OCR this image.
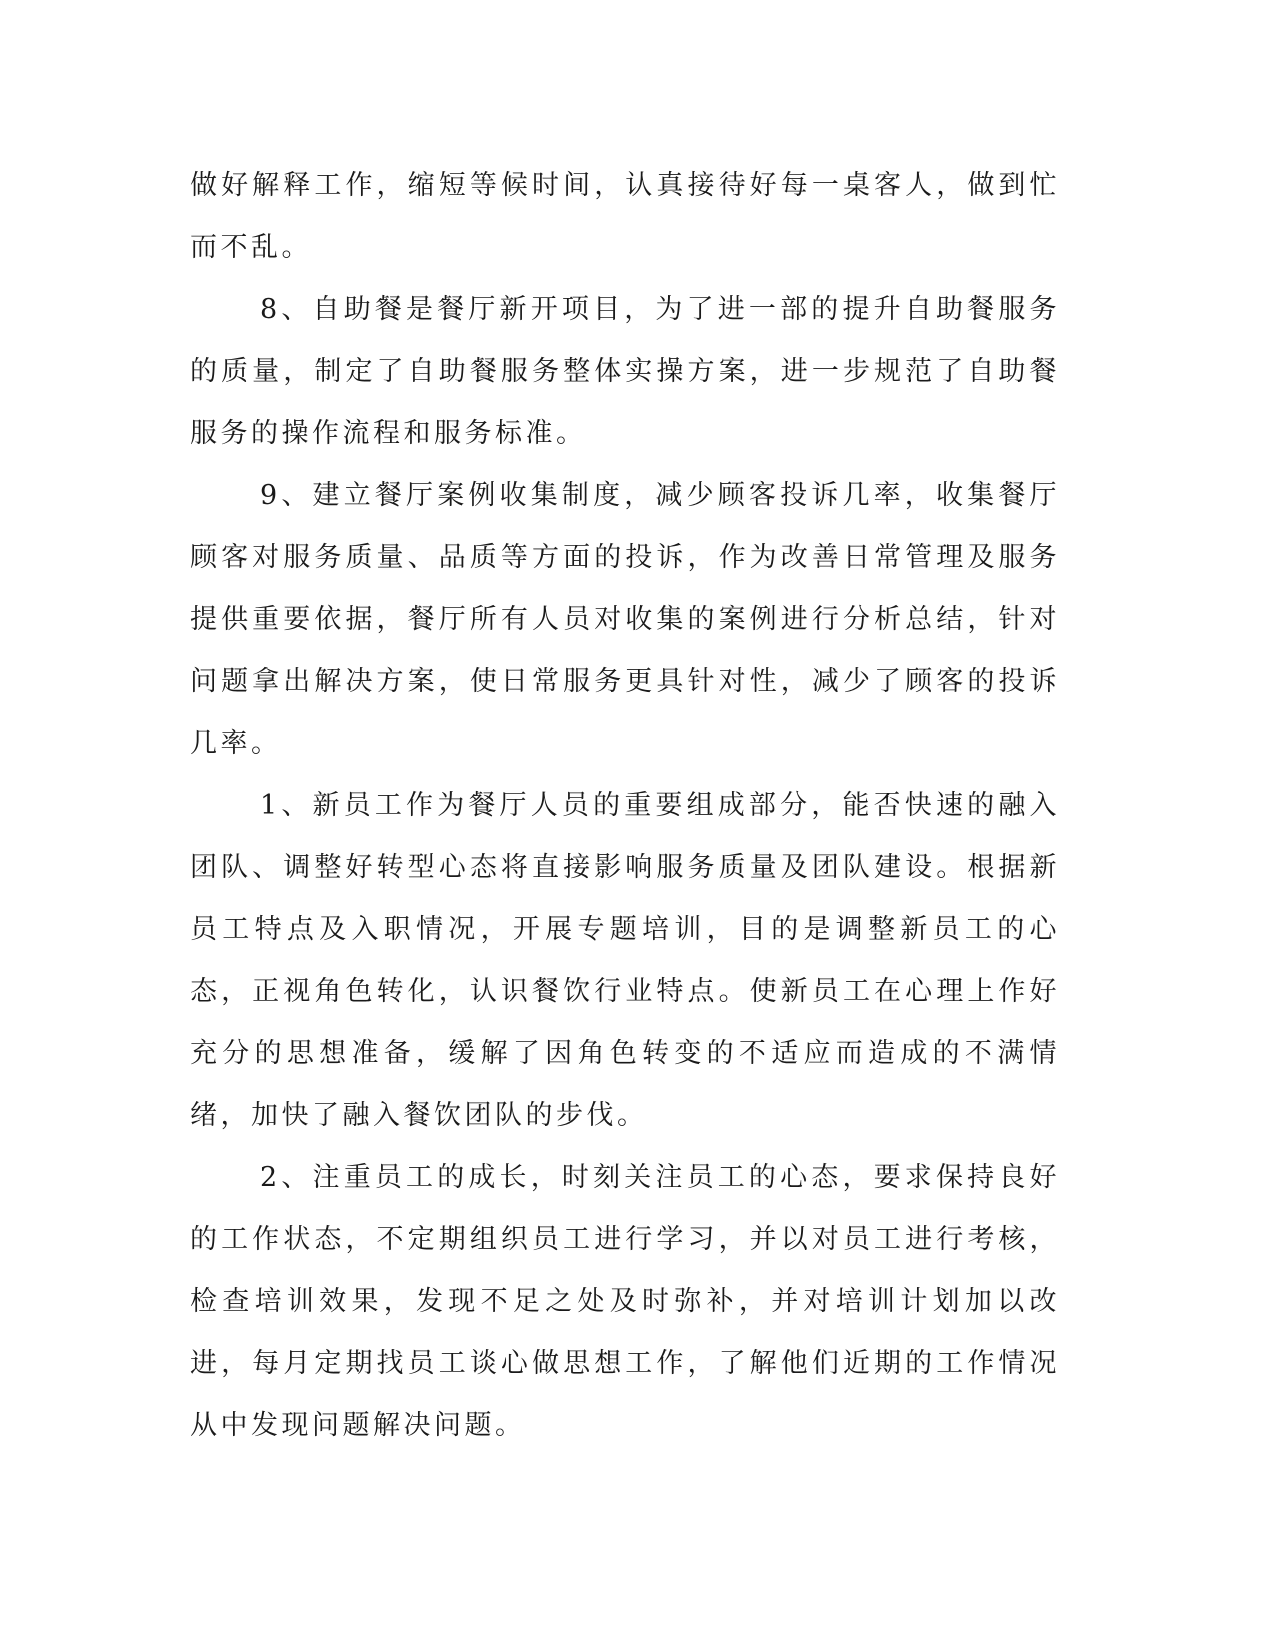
做好解释工作，缩短等候时间，认真接待好每一桌客人，做到忙而不乱。

8、自助餐是餐厅新开项目，为了进一部的提升自助餐服务的质量，制定了自助餐服务整体实操方案，进一步规范了自助餐服务的操作流程和服务标准。

9、建立餐厅案例收集制度，减少顾客投诉几率，收集餐厅顾客对服务质量、品质等方面的投诉，作为改善日常管理及服务提供重要依据，餐厅所有人员对收集的案例进行分析总结，针对问题拿出解决方案，使日常服务更具针对性，减少了顾客的投诉几率。

1、新员工作为餐厅人员的重要组成部分，能否快速的融入团队、调整好转型心态将直接影响服务质量及团队建设。根据新员工特点及入职情况，开展专题培训，目的是调整新员工的心态，正视角色转化，认识餐饮行业特点。使新员工在心理上作好充分的思想准备，缓解了因角色转变的不适应而造成的不满情绪，加快了融入餐饮团队的步伐。

2、注重员工的成长，时刻关注员工的心态，要求保持良好的工作状态，不定期组织员工进行学习，并以对员工进行考核，检查培训效果，发现不足之处及时弥补，并对培训计划加以改进，每月定期找员工谈心做思想工作，了解他们近期的工作情况从中发现问题解决问题。
